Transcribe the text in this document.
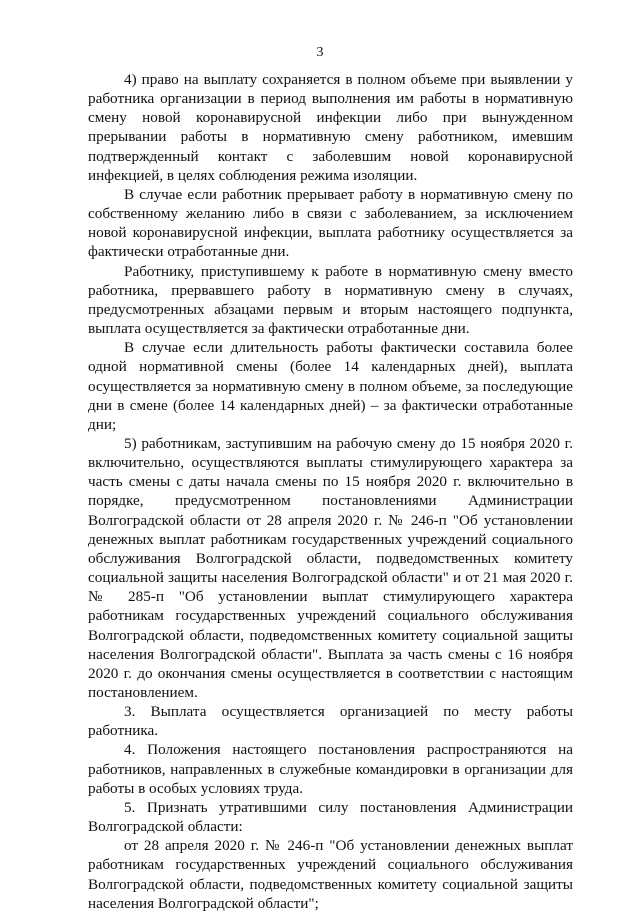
3

4) право на выплату сохраняется в полном объеме при выявлении у работника организации в период выполнения им работы в нормативную смену новой коронавирусной инфекции либо при вынужденном прерывании работы в нормативную смену работником, имевшим подтвержденный контакт с заболевшим новой коронавирусной инфекцией, в целях соблюдения режима изоляции.

В случае если работник прерывает работу в нормативную смену по собственному желанию либо в связи с заболеванием, за исключением новой коронавирусной инфекции, выплата работнику осуществляется за фактически отработанные дни.

Работнику, приступившему к работе в нормативную смену вместо работника, прервавшего работу в нормативную смену в случаях, предусмотренных абзацами первым и вторым настоящего подпункта, выплата осуществляется за фактически отработанные дни.

В случае если длительность работы фактически составила более одной нормативной смены (более 14 календарных дней), выплата осуществляется за нормативную смену в полном объеме, за последующие дни в смене (более 14 календарных дней) – за фактически отработанные дни;

5) работникам, заступившим на рабочую смену до 15 ноября 2020 г. включительно, осуществляются выплаты стимулирующего характера за часть смены с даты начала смены по 15 ноября 2020 г. включительно в порядке, предусмотренном постановлениями Администрации Волгоградской области от 28 апреля 2020 г. № 246-п "Об установлении денежных выплат работникам государственных учреждений социального обслуживания Волгоградской области, подведомственных комитету социальной защиты населения Волгоградской области" и от 21 мая 2020 г. № 285-п "Об установлении выплат стимулирующего характера работникам государственных учреждений социального обслуживания Волгоградской области, подведомственных комитету социальной защиты населения Волгоградской области". Выплата за часть смены с 16 ноября 2020 г. до окончания смены осуществляется в соответствии с настоящим постановлением.

3. Выплата осуществляется организацией по месту работы работника.

4. Положения настоящего постановления распространяются на работников, направленных в служебные командировки в организации для работы в особых условиях труда.

5. Признать утратившими силу постановления Администрации Волгоградской области:

от 28 апреля 2020 г. № 246-п "Об установлении денежных выплат работникам государственных учреждений социального обслуживания Волгоградской области, подведомственных комитету социальной защиты населения Волгоградской области";
